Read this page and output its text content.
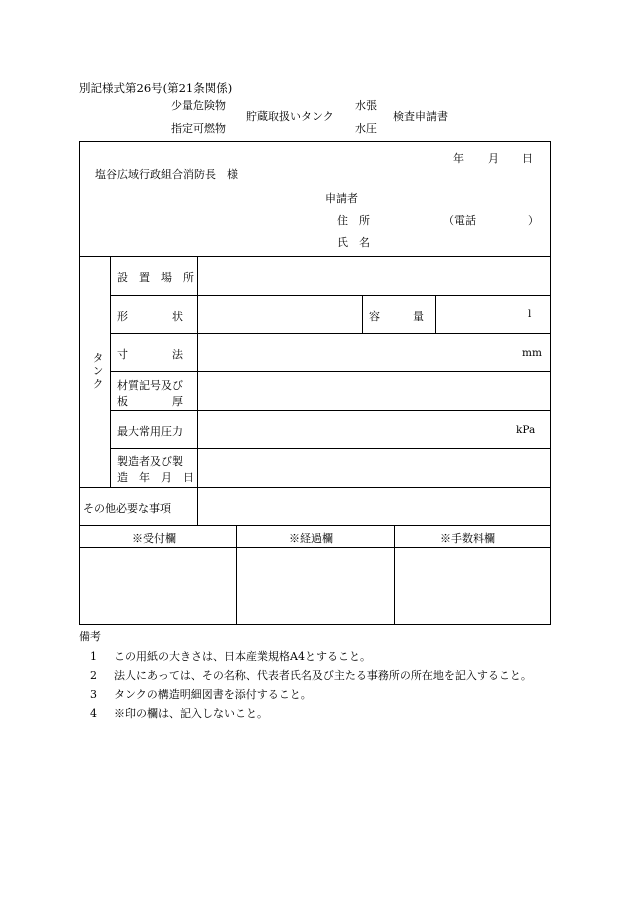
別記様式第26号(第21条関係)
少量危険物
指定可燃物
貯蔵取扱いタンク
水張
水圧
検査申請書
年 月 日
塩谷広域行政組合消防長　様
申請者
住　所	（電話	）
氏　名
タンク
設　置　場　所
形　　　　状	容　　　量	l
寸　　　　法	mm
材質記号及び
板　　　　厚
最大常用圧力	kPa
製造者及び製
造　年　月　日
その他必要な事項
※受付欄	※経過欄	※手数料欄
備考
1 この用紙の大きさは、日本産業規格A4とすること。
2 法人にあっては、その名称、代表者氏名及び主たる事務所の所在地を記入すること。
3 タンクの構造明細図書を添付すること。
4 ※印の欄は、記入しないこと。
